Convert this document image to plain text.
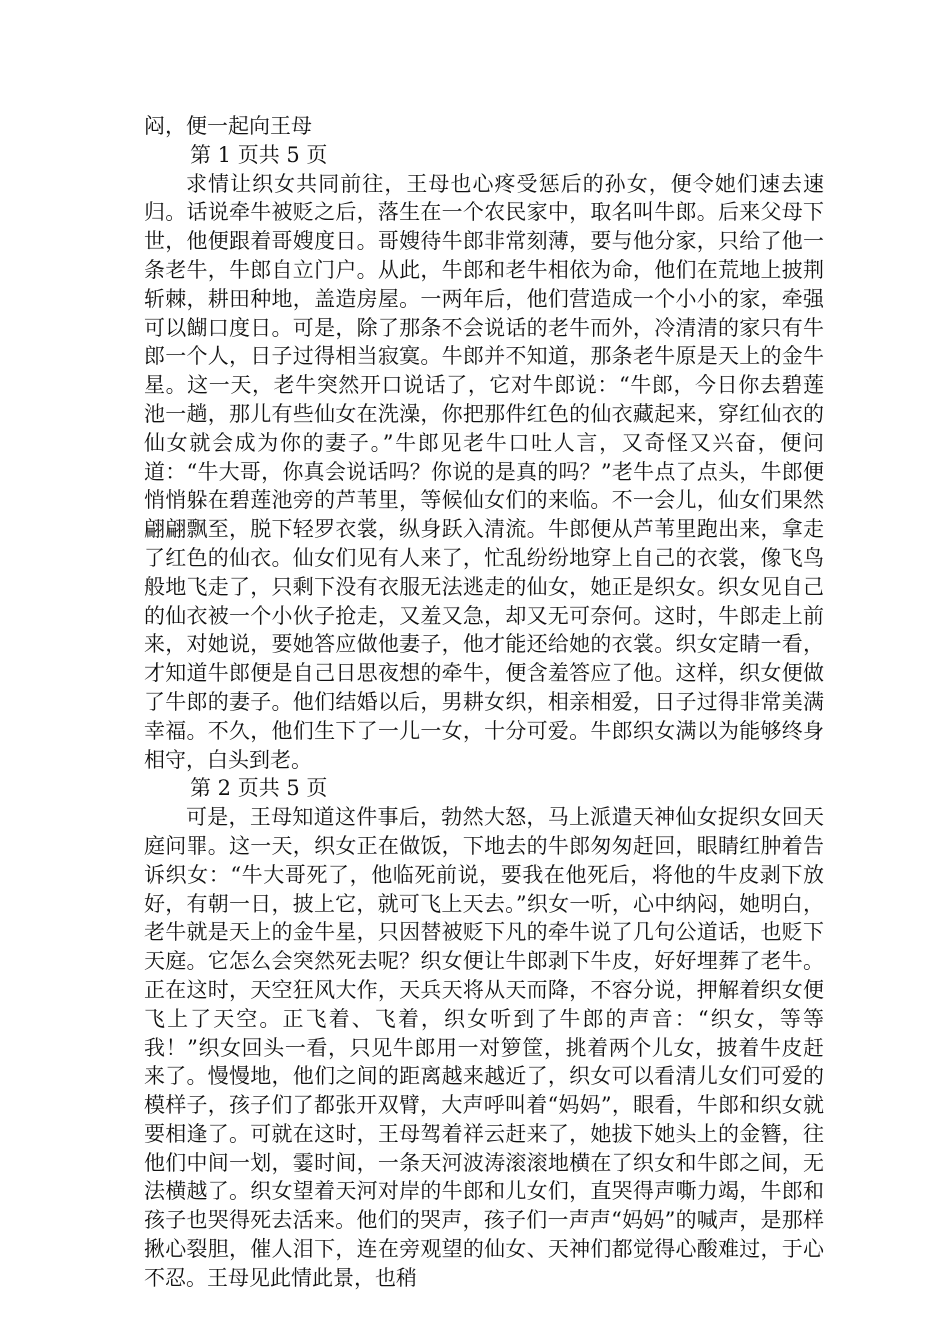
闷，便一起向王母

第 1 页共 5 页

求情让织女共同前往，王母也心疼受惩后的孙女，便令她们速去速归。话说牵牛被贬之后，落生在一个农民家中，取名叫牛郎。后来父母下世，他便跟着哥嫂度日。哥嫂待牛郎非常刻薄，要与他分家，只给了他一条老牛，牛郎自立门户。从此，牛郎和老牛相依为命，他们在荒地上披荆斩棘，耕田种地，盖造房屋。一两年后，他们营造成一个小小的家，牵强可以餬口度日。可是，除了那条不会说话的老牛而外，冷清清的家只有牛郎一个人，日子过得相当寂寞。牛郎并不知道，那条老牛原是天上的金牛星。这一天，老牛突然开口说话了，它对牛郎说：“牛郎，今日你去碧莲池一趟，那儿有些仙女在洗澡，你把那件红色的仙衣藏起来，穿红仙衣的仙女就会成为你的妻子。”牛郎见老牛口吐人言，又奇怪又兴奋，便问道：“牛大哥，你真会说话吗？你说的是真的吗？”老牛点了点头，牛郎便悄悄躲在碧莲池旁的芦苇里，等候仙女们的来临。不一会儿，仙女们果然翩翩飘至，脱下轻罗衣裳，纵身跃入清流。牛郎便从芦苇里跑出来，拿走了红色的仙衣。仙女们见有人来了，忙乱纷纷地穿上自己的衣裳，像飞鸟般地飞走了，只剩下没有衣服无法逃走的仙女，她正是织女。织女见自己的仙衣被一个小伙子抢走，又羞又急，却又无可奈何。这时，牛郎走上前来，对她说，要她答应做他妻子，他才能还给她的衣裳。织女定睛一看，才知道牛郎便是自己日思夜想的牵牛，便含羞答应了他。这样，织女便做了牛郎的妻子。他们结婚以后，男耕女织，相亲相爱，日子过得非常美满幸福。不久，他们生下了一儿一女，十分可爱。牛郎织女满以为能够终身相守，白头到老。

第 2 页共 5 页

可是，王母知道这件事后，勃然大怒，马上派遣天神仙女捉织女回天庭问罪。这一天，织女正在做饭，下地去的牛郎匆匆赶回，眼睛红肿着告诉织女：“牛大哥死了，他临死前说，要我在他死后，将他的牛皮剥下放好，有朝一日，披上它，就可飞上天去。”织女一听，心中纳闷，她明白，老牛就是天上的金牛星，只因替被贬下凡的牵牛说了几句公道话，也贬下天庭。它怎么会突然死去呢？织女便让牛郎剥下牛皮，好好埋葬了老牛。正在这时，天空狂风大作，天兵天将从天而降，不容分说，押解着织女便飞上了天空。正飞着、飞着，织女听到了牛郎的声音：“织女，等等我！”织女回头一看，只见牛郎用一对箩筐，挑着两个儿女，披着牛皮赶来了。慢慢地，他们之间的距离越来越近了，织女可以看清儿女们可爱的模样子，孩子们了都张开双臂，大声呼叫着“妈妈”，眼看，牛郎和织女就要相逢了。可就在这时，王母驾着祥云赶来了，她拔下她头上的金簪，往他们中间一划，霎时间，一条天河波涛滚滚地横在了织女和牛郎之间，无法横越了。织女望着天河对岸的牛郎和儿女们，直哭得声嘶力竭，牛郎和孩子也哭得死去活来。他们的哭声，孩子们一声声“妈妈”的喊声，是那样揪心裂胆，催人泪下，连在旁观望的仙女、天神们都觉得心酸难过，于心不忍。王母见此情此景，也稍
